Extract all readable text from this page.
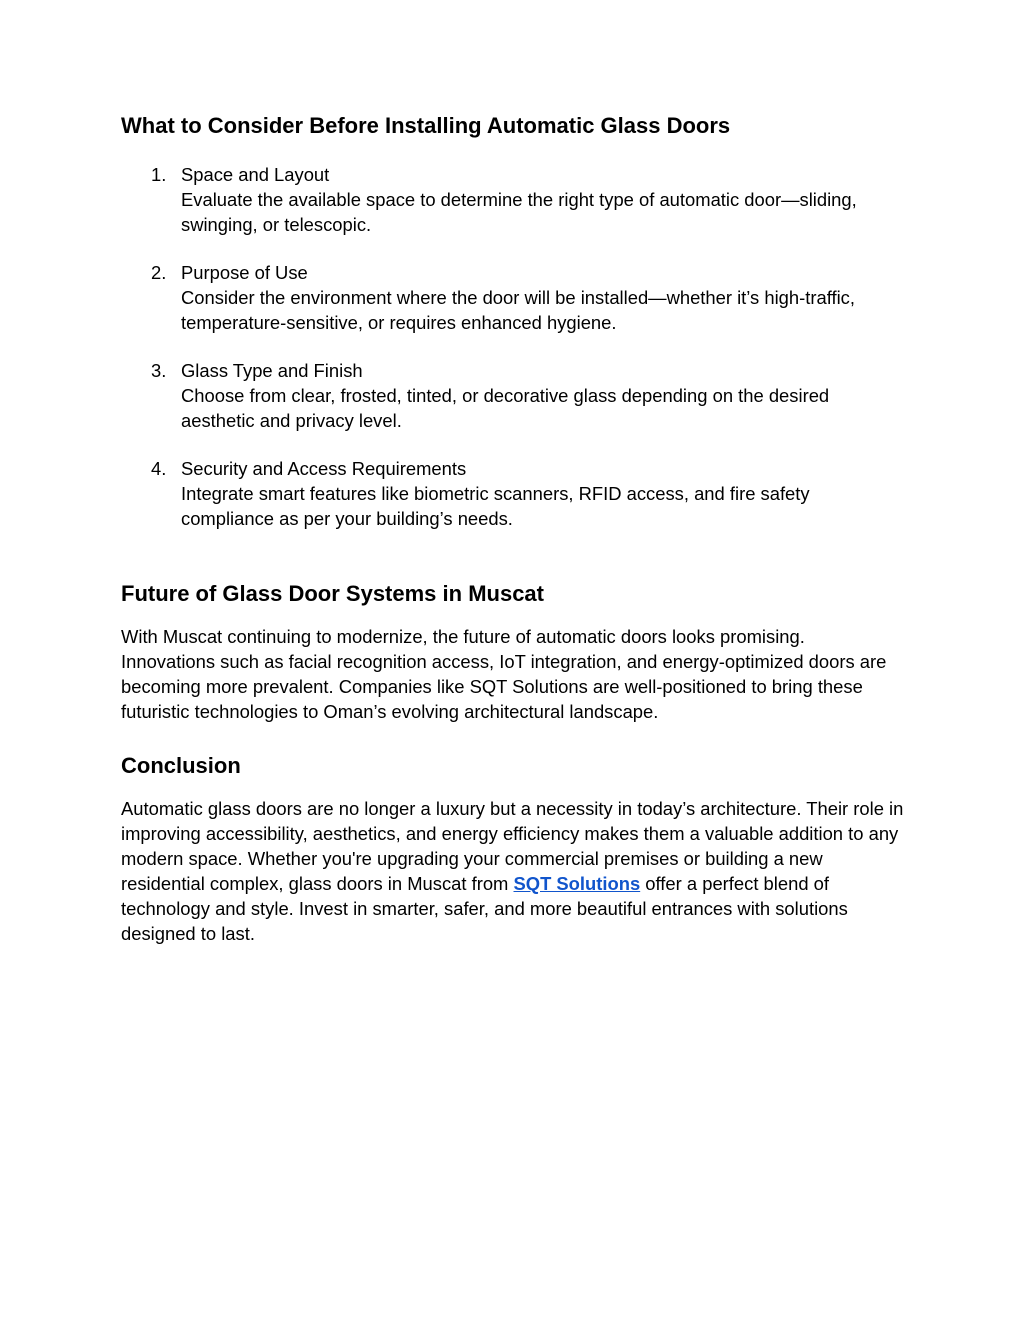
What to Consider Before Installing Automatic Glass Doors
1. Space and Layout
Evaluate the available space to determine the right type of automatic door—sliding, swinging, or telescopic.
2. Purpose of Use
Consider the environment where the door will be installed—whether it’s high-traffic, temperature-sensitive, or requires enhanced hygiene.
3. Glass Type and Finish
Choose from clear, frosted, tinted, or decorative glass depending on the desired aesthetic and privacy level.
4. Security and Access Requirements
Integrate smart features like biometric scanners, RFID access, and fire safety compliance as per your building’s needs.
Future of Glass Door Systems in Muscat

With Muscat continuing to modernize, the future of automatic doors looks promising. Innovations such as facial recognition access, IoT integration, and energy-optimized doors are becoming more prevalent. Companies like SQT Solutions are well-positioned to bring these futuristic technologies to Oman’s evolving architectural landscape.

Conclusion

Automatic glass doors are no longer a luxury but a necessity in today’s architecture. Their role in improving accessibility, aesthetics, and energy efficiency makes them a valuable addition to any modern space. Whether you're upgrading your commercial premises or building a new residential complex, glass doors in Muscat from SQT Solutions offer a perfect blend of technology and style. Invest in smarter, safer, and more beautiful entrances with solutions designed to last.
